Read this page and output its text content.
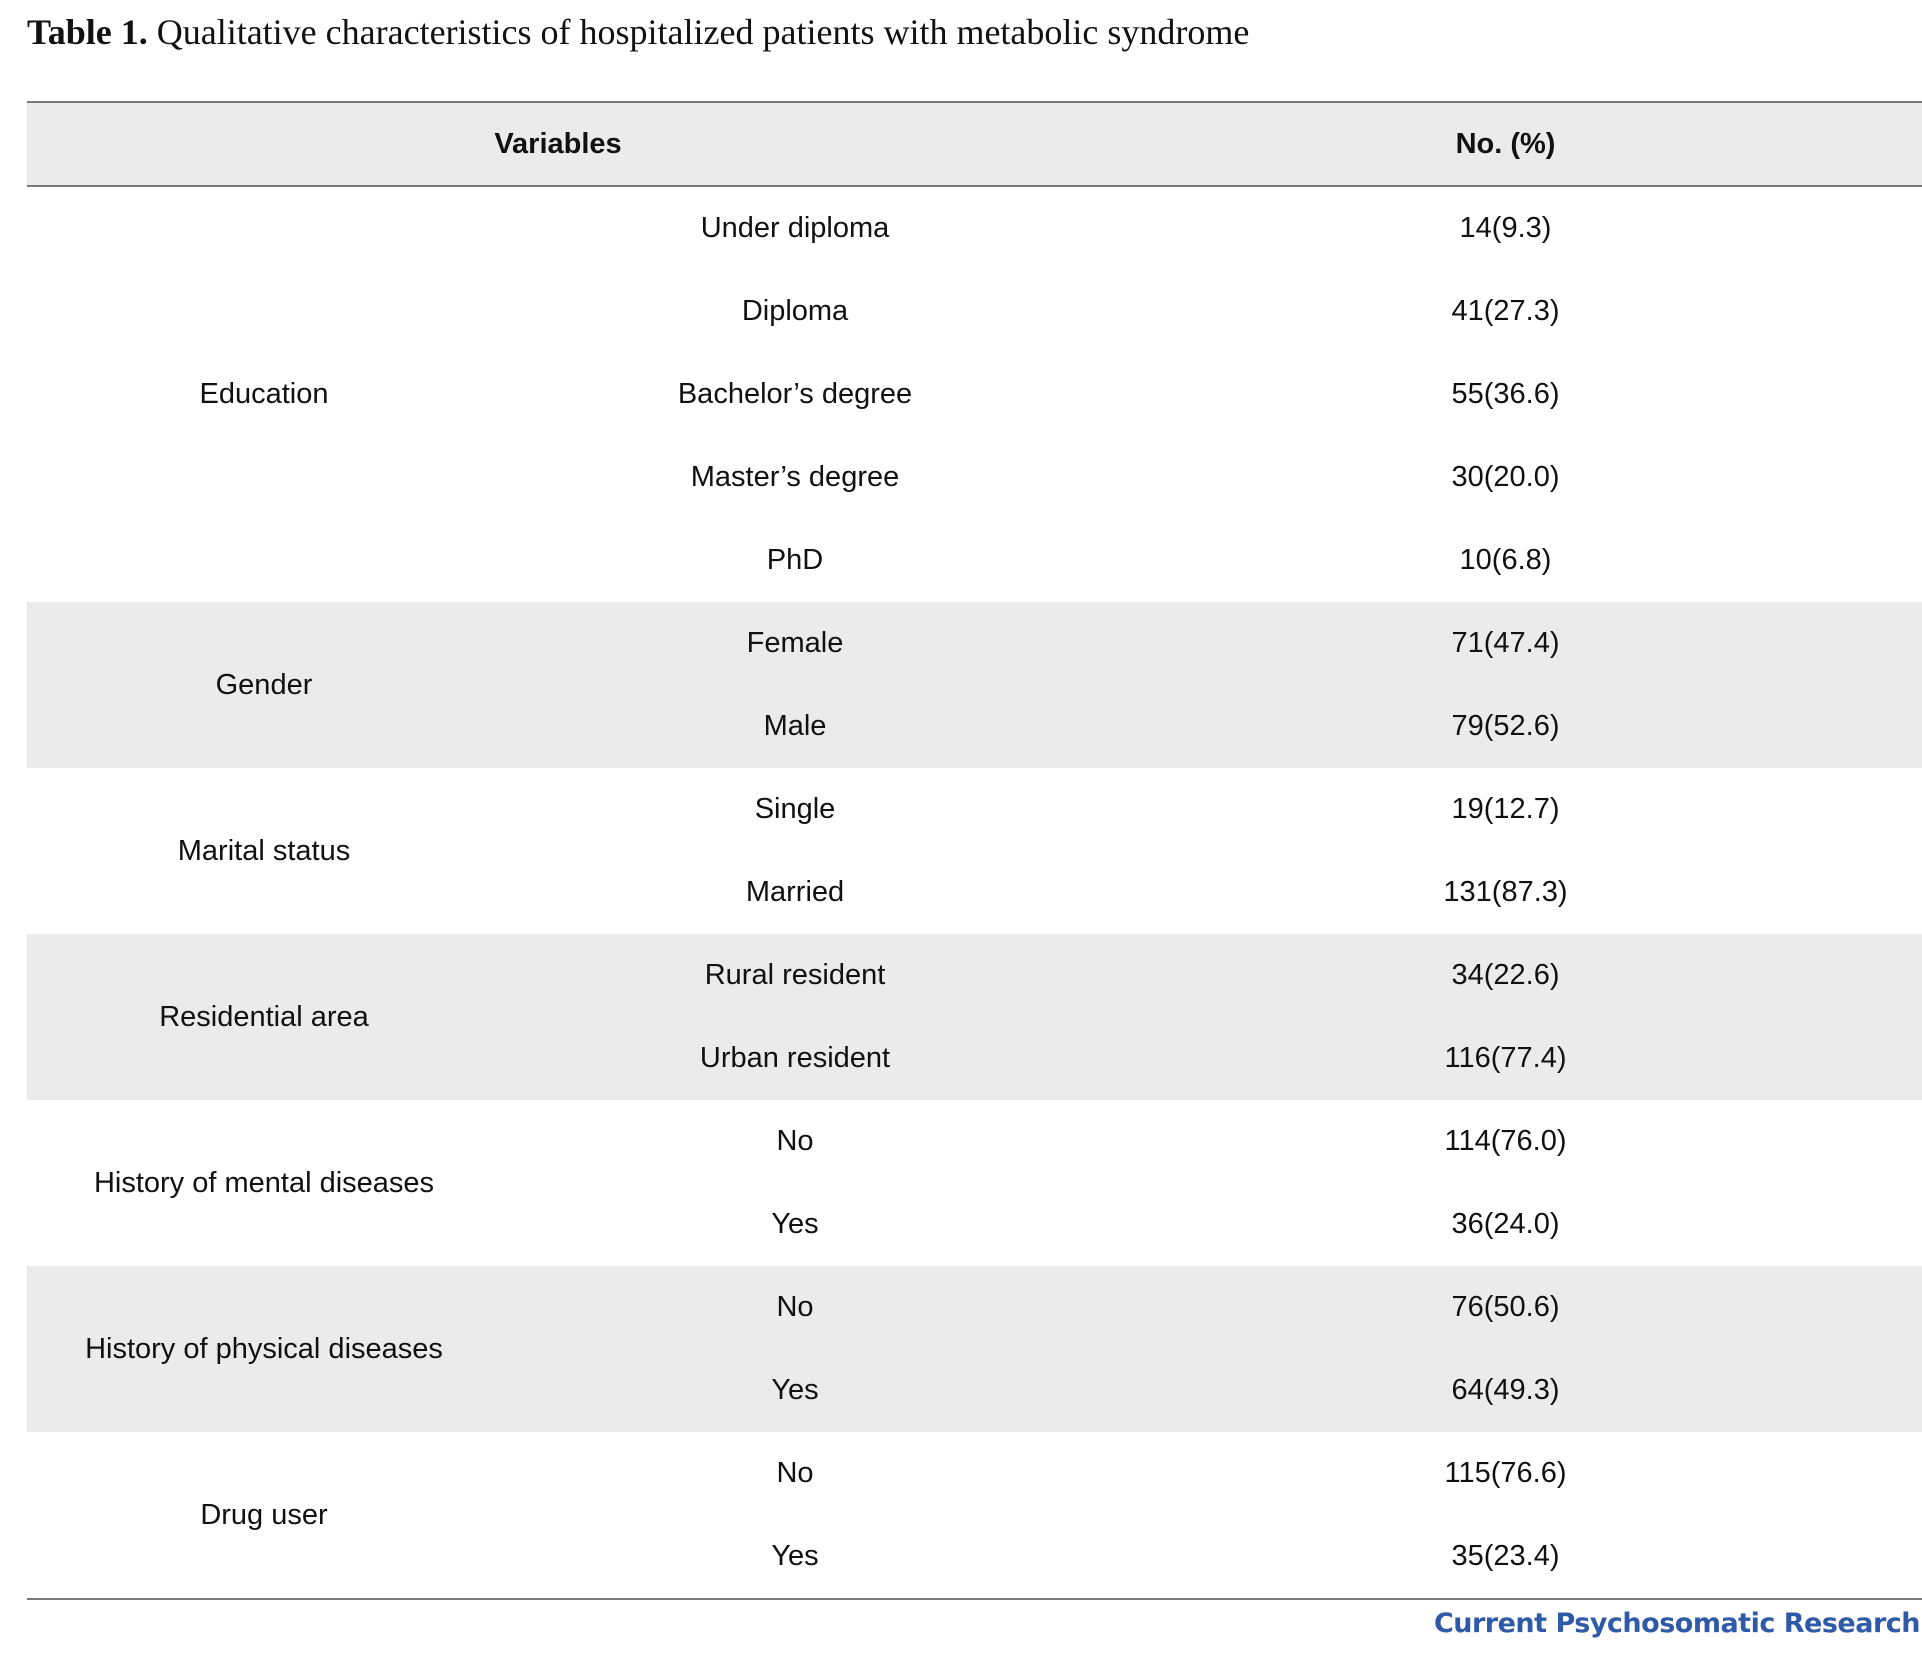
Table 1. Qualitative characteristics of hospitalized patients with metabolic syndrome
Variables		No. (%)
Education	Under diploma	14(9.3)
	Diploma	41(27.3)
	Bachelor’s degree	55(36.6)
	Master’s degree	30(20.0)
	PhD	10(6.8)
Gender	Female	71(47.4)
	Male	79(52.6)
Marital status	Single	19(12.7)
	Married	131(87.3)
Residential area	Rural resident	34(22.6)
	Urban resident	116(77.4)
History of mental diseases	No	114(76.0)
	Yes	36(24.0)
History of physical diseases	No	76(50.6)
	Yes	64(49.3)
Drug user	No	115(76.6)
	Yes	35(23.4)
Current Psychosomatic Research
